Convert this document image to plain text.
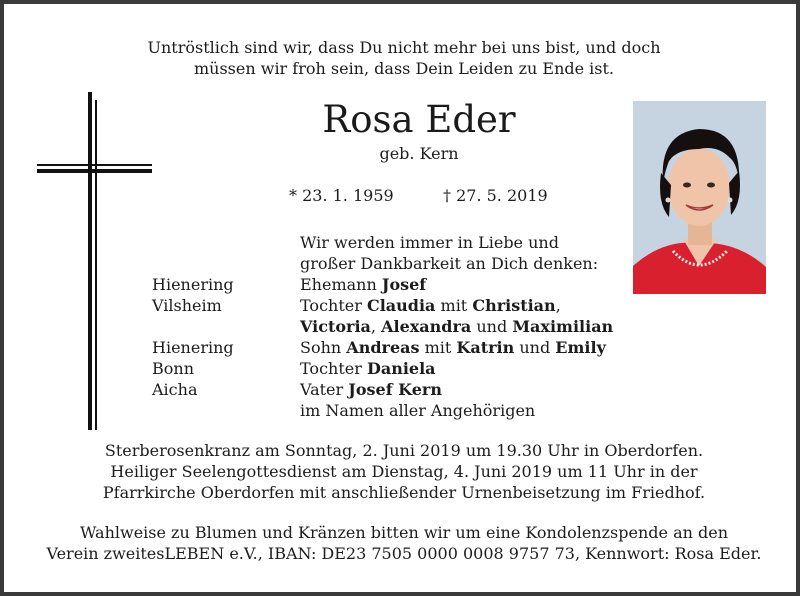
Untröstlich sind wir, dass Du nicht mehr bei uns bist, und doch
müssen wir froh sein, dass Dein Leiden zu Ende ist.
Rosa Eder
geb. Kern
* 23. 1. 1959	† 27. 5. 2019
Wir werden immer in Liebe und
großer Dankbarkeit an Dich denken:
Hienering	Ehemann Josef
Vilsheim	Tochter Claudia mit Christian,
Victoria, Alexandra und Maximilian
Hienering	Sohn Andreas mit Katrin und Emily
Bonn	Tochter Daniela
Aicha	Vater Josef Kern
im Namen aller Angehörigen
Sterberosenkranz am Sonntag, 2. Juni 2019 um 19.30 Uhr in Oberdorfen.
Heiliger Seelengottesdienst am Dienstag, 4. Juni 2019 um 11 Uhr in der
Pfarrkirche Oberdorfen mit anschließender Urnenbeisetzung im Friedhof.
Wahlweise zu Blumen und Kränzen bitten wir um eine Kondolenzspende an den
Verein zweitesLEBEN e.V., IBAN: DE23 7505 0000 0008 9757 73, Kennwort: Rosa Eder.
